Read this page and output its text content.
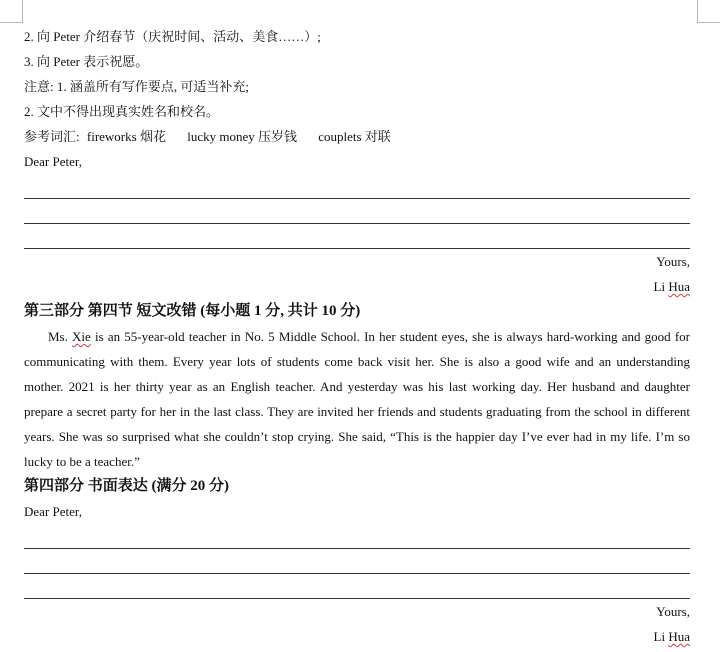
2. 向 Peter 介绍春节（庆祝时间、活动、美食……）;
3. 向 Peter 表示祝愿。
注意: 1. 涵盖所有写作要点, 可适当补充;
2. 文中不得出现真实姓名和校名。
参考词汇: fireworks 烟花 lucky money 压岁钱 couplets 对联
Dear Peter,
Yours,
Li Hua
第三部分 第四节 短文改错 (每小题 1 分, 共计 10 分)

Ms. Xie is an 55-year-old teacher in No. 5 Middle School. In her student eyes, she is always hard-working and good for communicating with them. Every year lots of students come back visit her. She is also a good wife and an understanding mother. 2021 is her thirty year as an English teacher. And yesterday was his last working day. Her husband and daughter prepare a secret party for her in the last class. They are invited her friends and students graduating from the school in different years. She was so surprised what she couldn’t stop crying. She said, “This is the happier day I’ve ever had in my life. I’m so lucky to be a teacher.”

第四部分 书面表达 (满分 20 分)
Dear Peter,
Yours,
Li Hua
